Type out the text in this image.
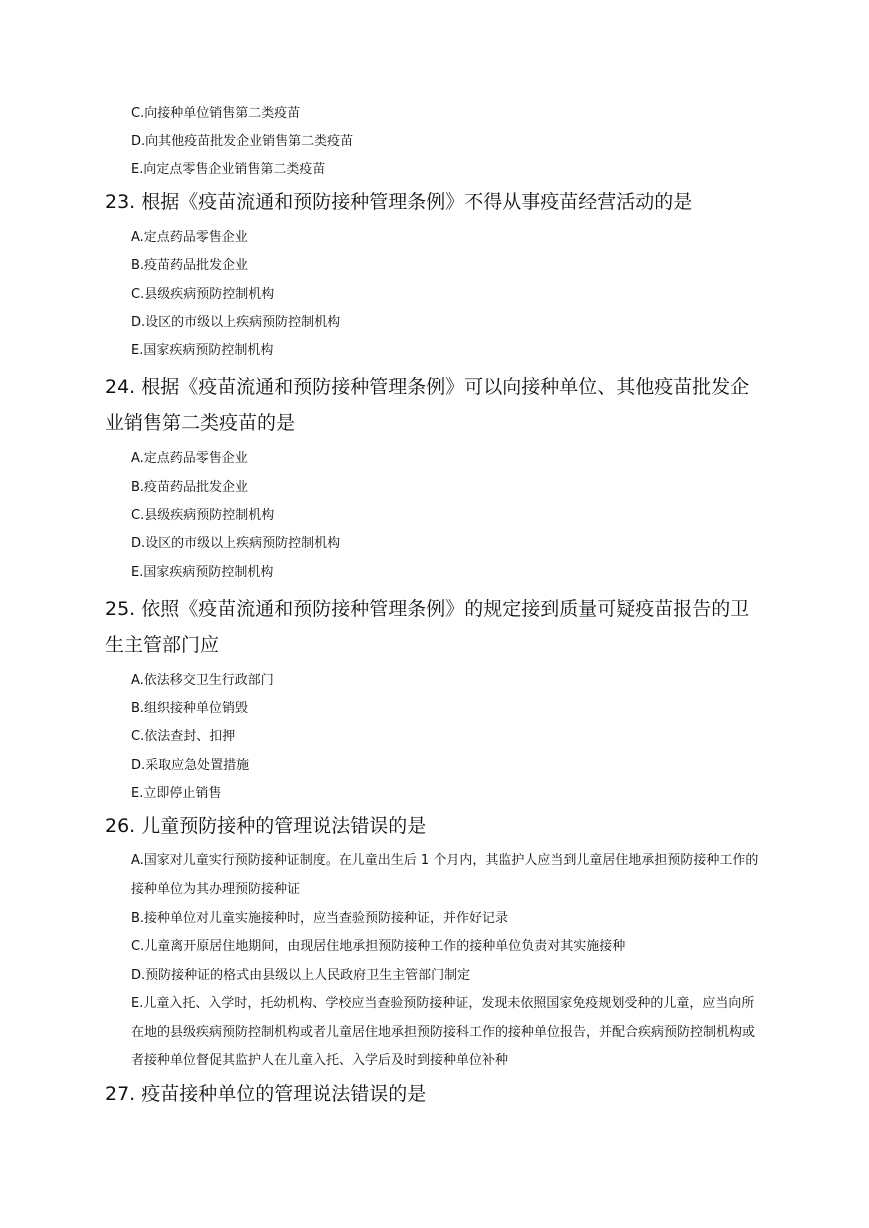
C.向接种单位销售第二类疫苗
D.向其他疫苗批发企业销售第二类疫苗
E.向定点零售企业销售第二类疫苗
23. 根据《疫苗流通和预防接种管理条例》不得从事疫苗经营活动的是
A.定点药品零售企业
B.疫苗药品批发企业
C.县级疾病预防控制机构
D.设区的市级以上疾病预防控制机构
E.国家疾病预防控制机构
24. 根据《疫苗流通和预防接种管理条例》可以向接种单位、其他疫苗批发企业销售第二类疫苗的是
A.定点药品零售企业
B.疫苗药品批发企业
C.县级疾病预防控制机构
D.设区的市级以上疾病预防控制机构
E.国家疾病预防控制机构
25. 依照《疫苗流通和预防接种管理条例》的规定接到质量可疑疫苗报告的卫生主管部门应
A.依法移交卫生行政部门
B.组织接种单位销毁
C.依法查封、扣押
D.采取应急处置措施
E.立即停止销售
26. 儿童预防接种的管理说法错误的是
A.国家对儿童实行预防接种证制度。在儿童出生后 1 个月内，其监护人应当到儿童居住地承担预防接种工作的接种单位为其办理预防接种证
B.接种单位对儿童实施接种时，应当查验预防接种证，并作好记录
C.儿童离开原居住地期间，由现居住地承担预防接种工作的接种单位负责对其实施接种
D.预防接种证的格式由县级以上人民政府卫生主管部门制定
E.儿童入托、入学时，托幼机构、学校应当查验预防接种证，发现未依照国家免疫规划受种的儿童，应当向所在地的县级疾病预防控制机构或者儿童居住地承担预防接科工作的接种单位报告，并配合疾病预防控制机构或者接种单位督促其监护人在儿童入托、入学后及时到接种单位补种
27. 疫苗接种单位的管理说法错误的是
